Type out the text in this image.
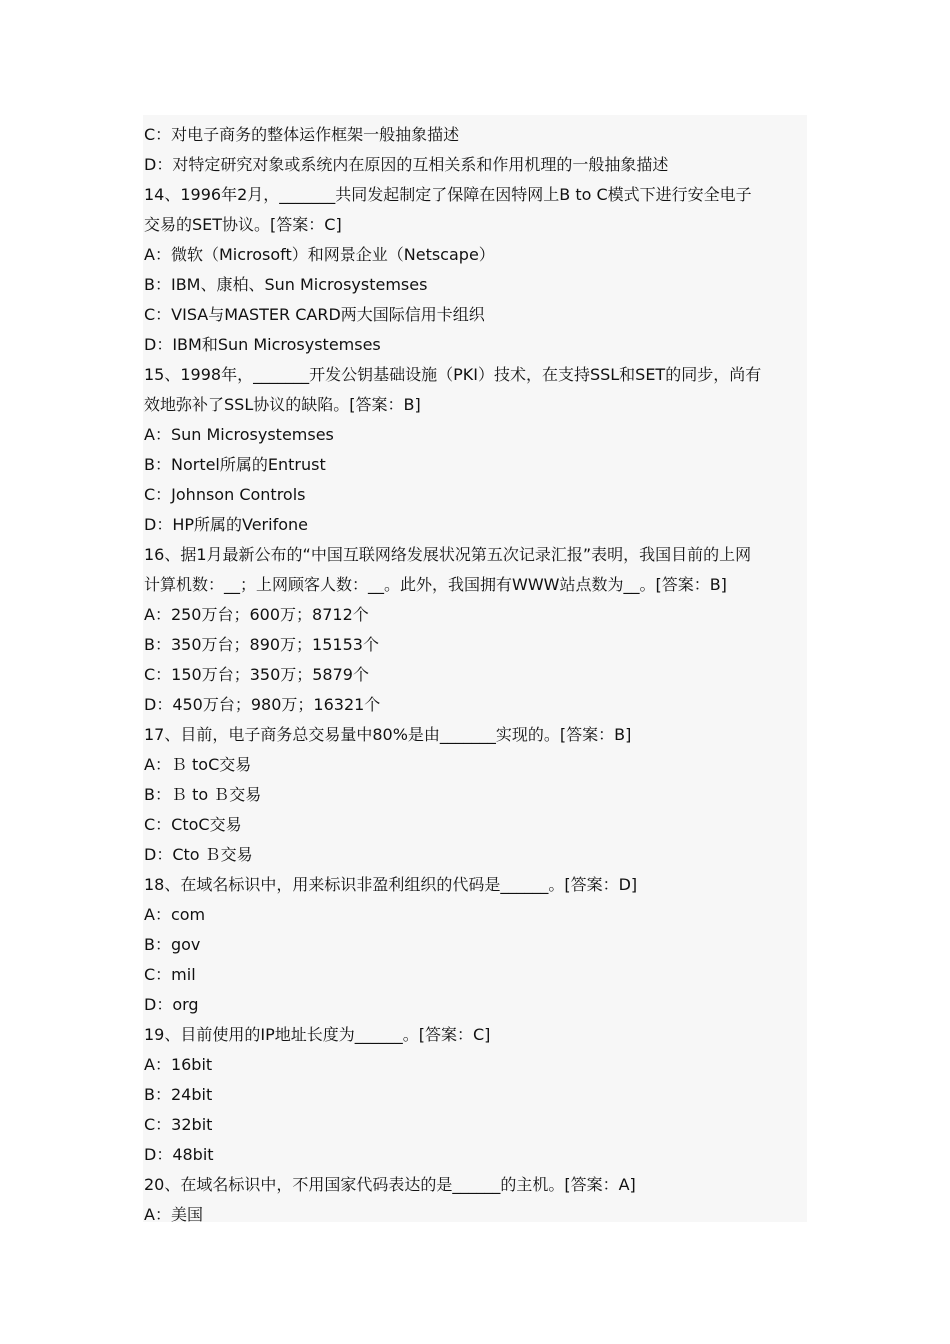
C：对电子商务的整体运作框架一般抽象描述
D：对特定研究对象或系统内在原因的互相关系和作用机理的一般抽象描述
14、1996年2月，_______共同发起制定了保障在因特网上B to C模式下进行安全电子
交易的SET协议。[答案：C]
A：微软（Microsoft）和网景企业（Netscape）
B：IBM、康柏、Sun Microsystemses
C：VISA与MASTER CARD两大国际信用卡组织
D：IBM和Sun Microsystemses
15、1998年，_______开发公钥基础设施（PKI）技术，在支持SSL和SET的同步，尚有
效地弥补了SSL协议的缺陷。[答案：B]
A：Sun Microsystemses
B：Nortel所属的Entrust
C：Johnson Controls
D：HP所属的Verifone
16、据1月最新公布的“中国互联网络发展状况第五次记录汇报”表明，我国目前的上网
计算机数：__；上网顾客人数：__。此外，我国拥有WWW站点数为__。[答案：B]
A：250万台；600万；8712个
B：350万台；890万；15153个
C：150万台；350万；5879个
D：450万台；980万；16321个
17、目前，电子商务总交易量中80%是由_______实现的。[答案：B]
A：Ｂ toC交易
B：Ｂ to Ｂ交易
C：CtoC交易
D：Cto Ｂ交易
18、在域名标识中，用来标识非盈利组织的代码是______。[答案：D]
A：com
B：gov
C：mil
D：org
19、目前使用的IP地址长度为______。[答案：C]
A：16bit
B：24bit
C：32bit
D：48bit
20、在域名标识中，不用国家代码表达的是______的主机。[答案：A]
A：美国
